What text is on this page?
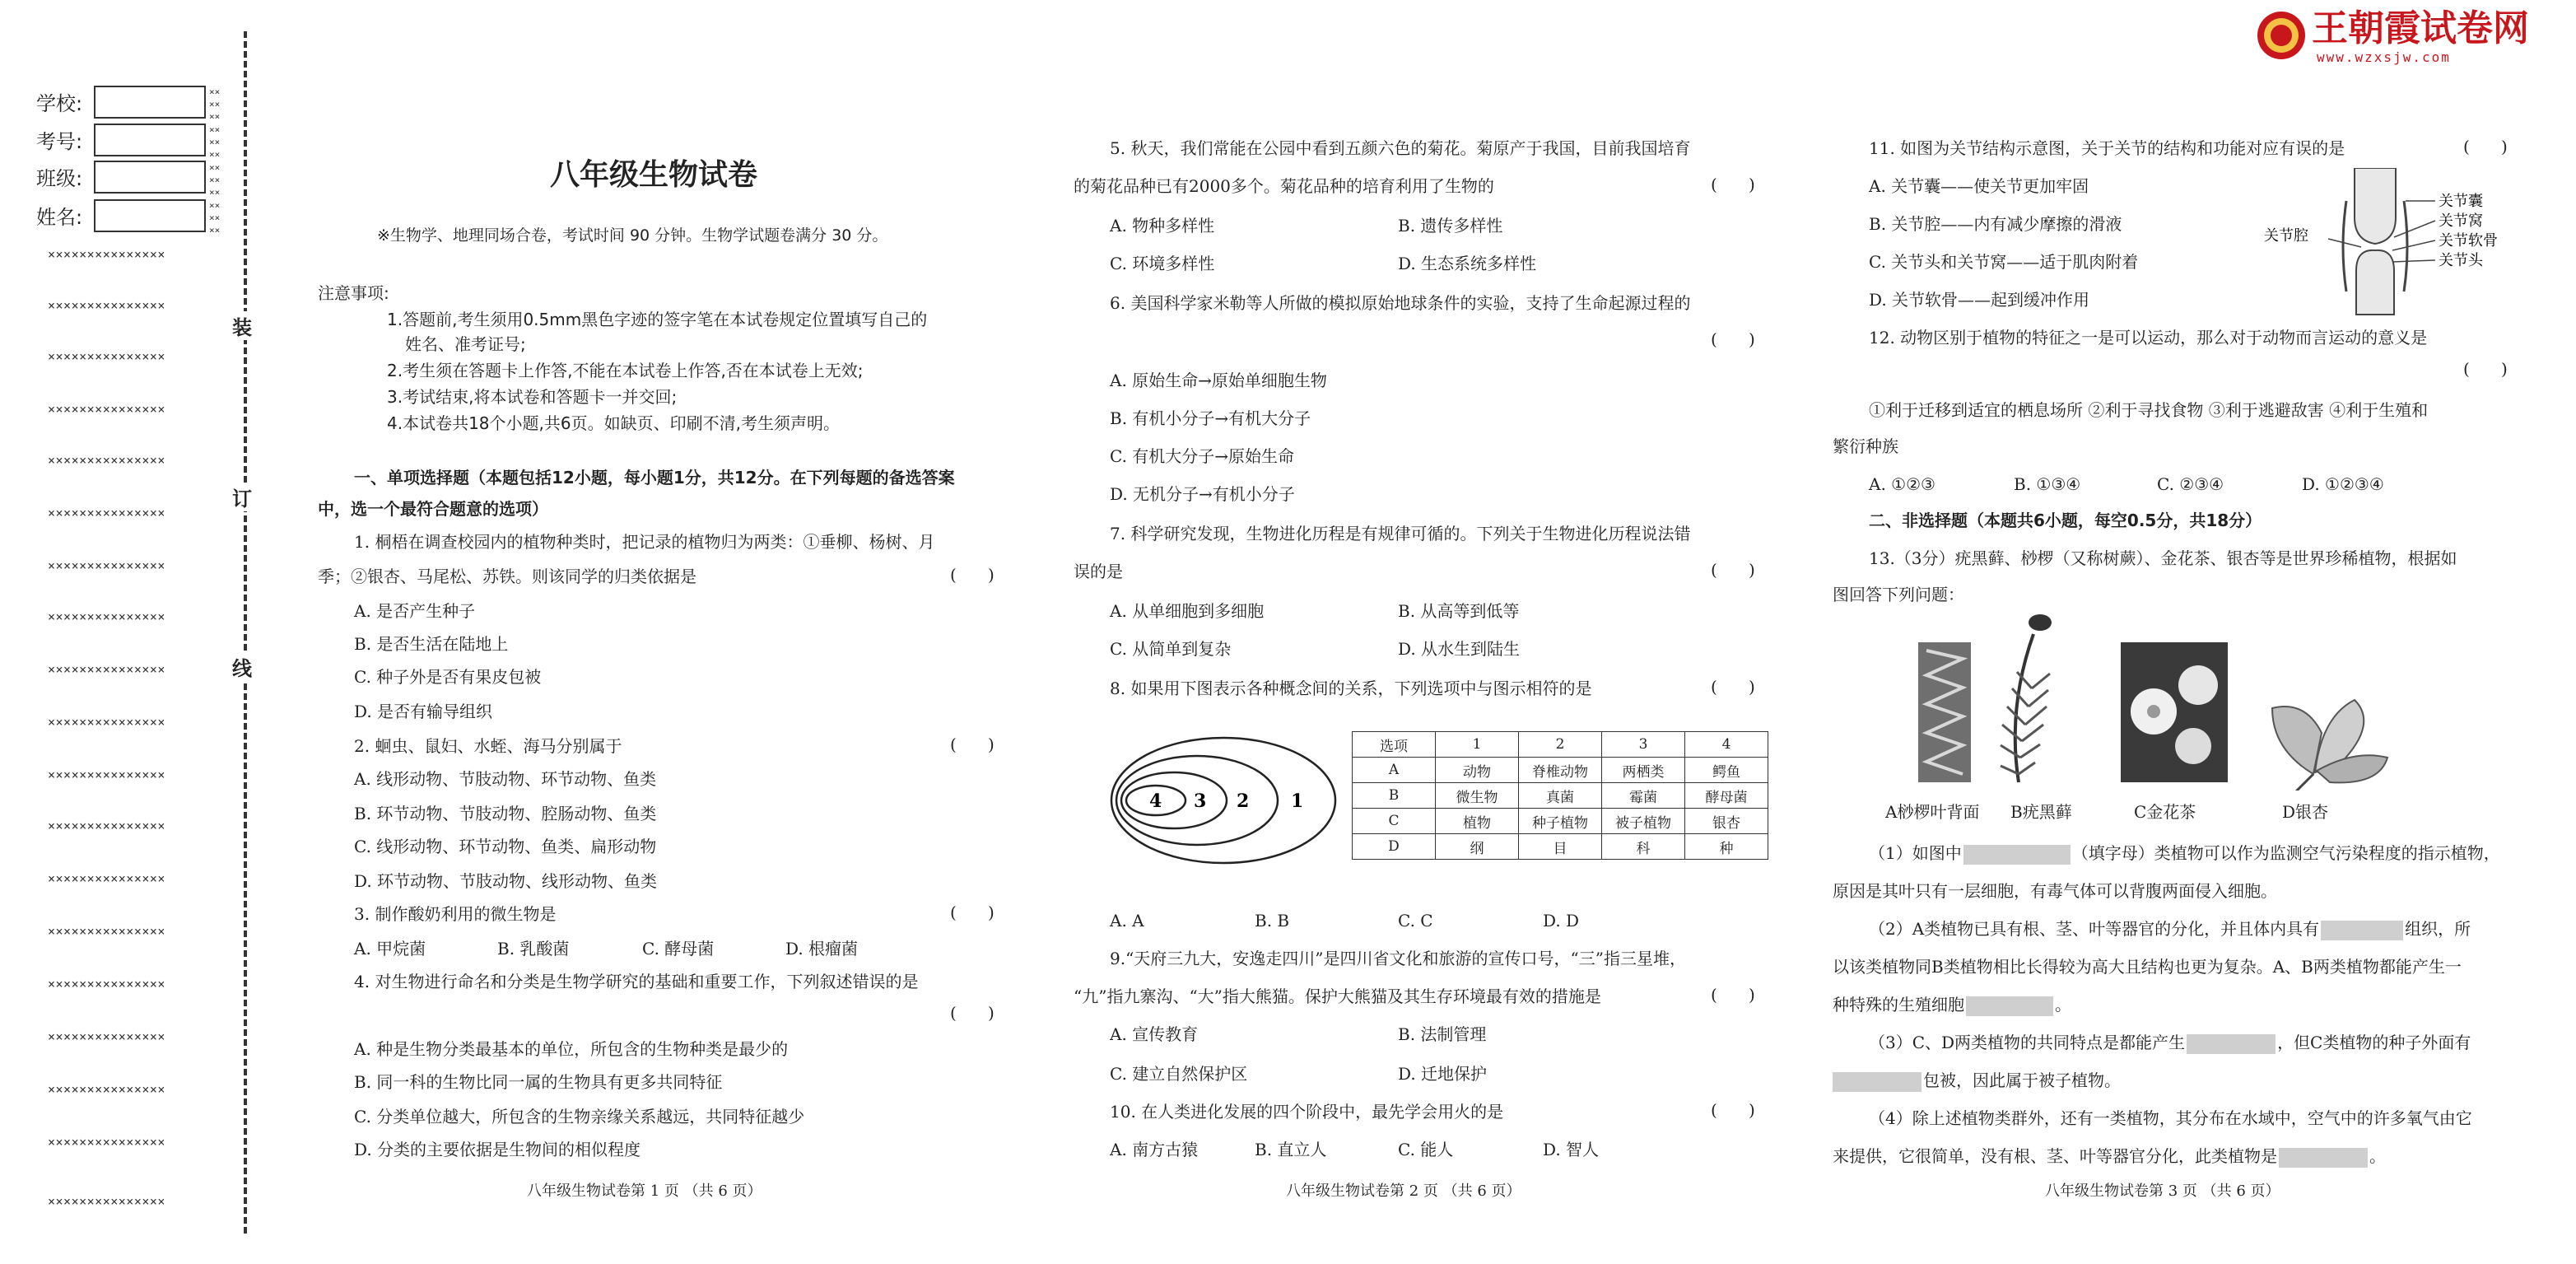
王朝霞试卷网
www.wzxsjw.com
学校:
考号:
班级:
姓名:
××
××
××
××
××
××
××
××
××
××
××
××
×××××××××××××××
×××××××××××××××
×××××××××××××××
×××××××××××××××
×××××××××××××××
×××××××××××××××
×××××××××××××××
×××××××××××××××
×××××××××××××××
×××××××××××××××
×××××××××××××××
×××××××××××××××
×××××××××××××××
×××××××××××××××
×××××××××××××××
×××××××××××××××
×××××××××××××××
×××××××××××××××
×××××××××××××××
装
订
线
八年级生物试卷
※生物学、地理同场合卷，考试时间 90 分钟。生物学试题卷满分 30 分。
注意事项:
1.答题前,考生须用0.5mm黑色字迹的签字笔在本试卷规定位置填写自己的
姓名、准考证号;
2.考生须在答题卡上作答,不能在本试卷上作答,否在本试卷上无效;
3.考试结束,将本试卷和答题卡一并交回;
4.本试卷共18个小题,共6页。如缺页、印刷不清,考生须声明。
一、单项选择题（本题包括12小题，每小题1分，共12分。在下列每题的备选答案
中，选一个最符合题意的选项）
1. 桐梧在调查校园内的植物种类时，把记录的植物归为两类：①垂柳、杨树、月
季；②银杏、马尾松、苏铁。则该同学的归类依据是	(      )
A. 是否产生种子
B. 是否生活在陆地上
C. 种子外是否有果皮包被
D. 是否有输导组织
2. 蛔虫、鼠妇、水蛭、海马分别属于	(      )
A. 线形动物、节肢动物、环节动物、鱼类
B. 环节动物、节肢动物、腔肠动物、鱼类
C. 线形动物、环节动物、鱼类、扁形动物
D. 环节动物、节肢动物、线形动物、鱼类
3. 制作酸奶利用的微生物是	(      )
A. 甲烷菌	B. 乳酸菌	C. 酵母菌	D. 根瘤菌
4. 对生物进行命名和分类是生物学研究的基础和重要工作，下列叙述错误的是
(      )
A. 种是生物分类最基本的单位，所包含的生物种类是最少的
B. 同一科的生物比同一属的生物具有更多共同特征
C. 分类单位越大，所包含的生物亲缘关系越远，共同特征越少
D. 分类的主要依据是生物间的相似程度
八年级生物试卷第 1 页 （共 6 页）
5. 秋天，我们常能在公园中看到五颜六色的菊花。菊原产于我国，目前我国培育
的菊花品种已有2000多个。菊花品种的培育利用了生物的	(      )
A. 物种多样性	B. 遗传多样性
C. 环境多样性	D. 生态系统多样性
6. 美国科学家米勒等人所做的模拟原始地球条件的实验，支持了生命起源过程的
(      )
A. 原始生命→原始单细胞生物
B. 有机小分子→有机大分子
C. 有机大分子→原始生命
D. 无机分子→有机小分子
7. 科学研究发现，生物进化历程是有规律可循的。下列关于生物进化历程说法错
误的是	(      )
A. 从单细胞到多细胞	B. 从高等到低等
C. 从简单到复杂	D. 从水生到陆生
8. 如果用下图表示各种概念间的关系，下列选项中与图示相符的是	(      )
4 3 2 1
选项	1	2	3	4
A	动物	脊椎动物	两栖类	鳄鱼
B	微生物	真菌	霉菌	酵母菌
C	植物	种子植物	被子植物	银杏
D	纲	目	科	种
A. A	B. B	C. C	D. D
9.“天府三九大，安逸走四川”是四川省文化和旅游的宣传口号，“三”指三星堆，
“九”指九寨沟、“大”指大熊猫。保护大熊猫及其生存环境最有效的措施是	(      )
A. 宣传教育	B. 法制管理
C. 建立自然保护区	D. 迁地保护
10. 在人类进化发展的四个阶段中，最先学会用火的是	(      )
A. 南方古猿	B. 直立人	C. 能人	D. 智人
八年级生物试卷第 2 页 （共 6 页）
11. 如图为关节结构示意图，关于关节的结构和功能对应有误的是	(      )
A. 关节囊——使关节更加牢固
B. 关节腔——内有减少摩擦的滑液
C. 关节头和关节窝——适于肌肉附着
D. 关节软骨——起到缓冲作用
关节腔
关节囊
关节窝
关节软骨
关节头
12. 动物区别于植物的特征之一是可以运动，那么对于动物而言运动的意义是
(      )
①利于迁移到适宜的栖息场所 ②利于寻找食物 ③利于逃避敌害 ④利于生殖和
繁衍种族
A. ①②③	B. ①③④	C. ②③④	D. ①②③④
二、非选择题（本题共6小题，每空0.5分，共18分）
13.（3分）疣黑藓、桫椤（又称树蕨）、金花茶、银杏等是世界珍稀植物，根据如
图回答下列问题：
A桫椤叶背面 B疣黑藓	C金花茶	D银杏
（1）如图中	（填字母）类植物可以作为监测空气污染程度的指示植物，
原因是其叶只有一层细胞，有毒气体可以背腹两面侵入细胞。
（2）A类植物已具有根、茎、叶等器官的分化，并且体内具有	组织，所
以该类植物同B类植物相比长得较为高大且结构也更为复杂。A、B两类植物都能产生一
种特殊的生殖细胞	。
（3）C、D两类植物的共同特点是都能产生	，但C类植物的种子外面有
包被，因此属于被子植物。
（4）除上述植物类群外，还有一类植物，其分布在水域中，空气中的许多氧气由它
来提供，它很简单，没有根、茎、叶等器官分化，此类植物是	。
八年级生物试卷第 3 页 （共 6 页）
